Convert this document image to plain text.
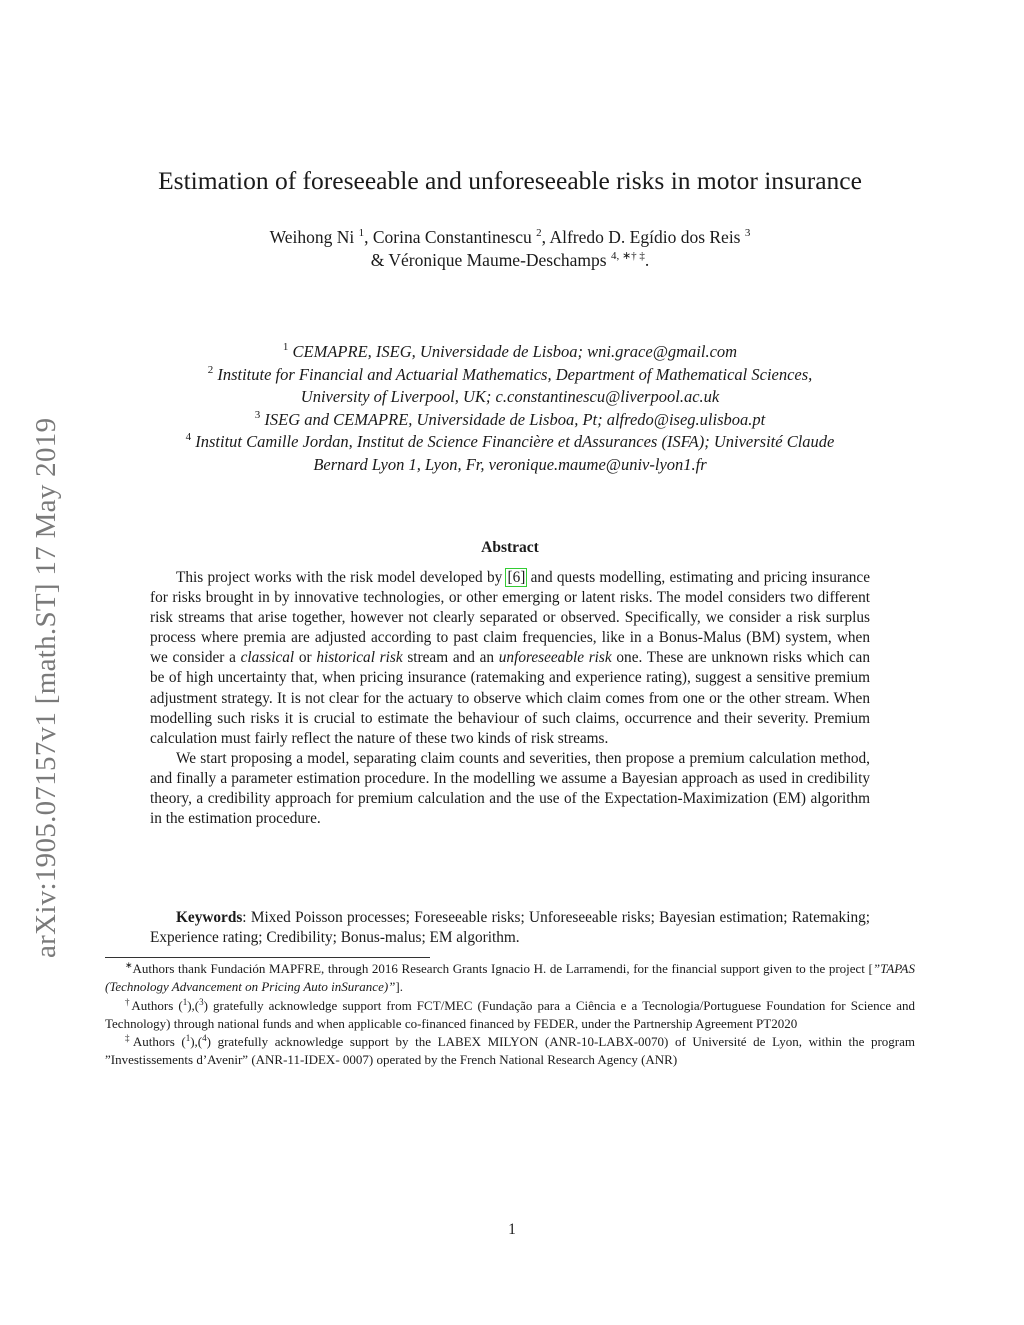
arXiv:1905.07157v1 [math.ST] 17 May 2019
Estimation of foreseeable and unforeseeable risks in motor insurance
Weihong Ni $^1$, Corina Constantinescu $^2$, Alfredo D. Egídio dos Reis $^3$
& Véronique Maume-Deschamps $^{4, ∗\dagger \ddagger}$.
$^1$ CEMAPRE, ISEG, Universidade de Lisboa; wni.grace@gmail.com
$^2$ Institute for Financial and Actuarial Mathematics, Department of Mathematical Sciences,
University of Liverpool, UK; c.constantinescu@liverpool.ac.uk
$^3$ ISEG and CEMAPRE, Universidade de Lisboa, Pt; alfredo@iseg.ulisboa.pt
$^4$ Institut Camille Jordan, Institut de Science Financière et dAssurances (ISFA); Université Claude
Bernard Lyon 1, Lyon, Fr, veronique.maume@univ-lyon1.fr
Abstract

This project works with the risk model developed by [6] and quests modelling, estimating and pricing insurance for risks brought in by innovative technologies, or other emerging or latent risks. The model considers two different risk streams that arise together, however not clearly separated or observed. Specifically, we consider a risk surplus process where premia are adjusted according to past claim frequencies, like in a Bonus-Malus (BM) system, when we consider a classical or historical risk stream and an unforeseeable risk one. These are unknown risks which can be of high uncertainty that, when pricing insurance (ratemaking and experience rating), suggest a sensitive premium adjustment strategy. It is not clear for the actuary to observe which claim comes from one or the other stream. When modelling such risks it is crucial to estimate the behaviour of such claims, occurrence and their severity. Premium calculation must fairly reflect the nature of these two kinds of risk streams.

We start proposing a model, separating claim counts and severities, then propose a premium calculation method, and finally a parameter estimation procedure. In the modelling we assume a Bayesian approach as used in credibility theory, a credibility approach for premium calculation and the use of the Expectation-Maximization (EM) algorithm in the estimation procedure.

Keywords: Mixed Poisson processes; Foreseeable risks; Unforeseeable risks; Bayesian estimation; Ratemaking; Experience rating; Credibility; Bonus-malus; EM algorithm.

∗Authors thank Fundación MAPFRE, through 2016 Research Grants Ignacio H. de Larramendi, for the financial support given to the project [”TAPAS (Technology Advancement on Pricing Auto inSurance)”].

†Authors ($^1$),($^3$) gratefully acknowledge support from FCT/MEC (Fundação para a Ciência e a Tecnologia/Portuguese Foundation for Science and Technology) through national funds and when applicable co-financed financed by FEDER, under the Partnership Agreement PT2020

‡Authors ($^1$),($^4$) gratefully acknowledge support by the LABEX MILYON (ANR-10-LABX-0070) of Université de Lyon, within the program ”Investissements d’Avenir” (ANR-11-IDEX- 0007) operated by the French National Research Agency (ANR)

1
